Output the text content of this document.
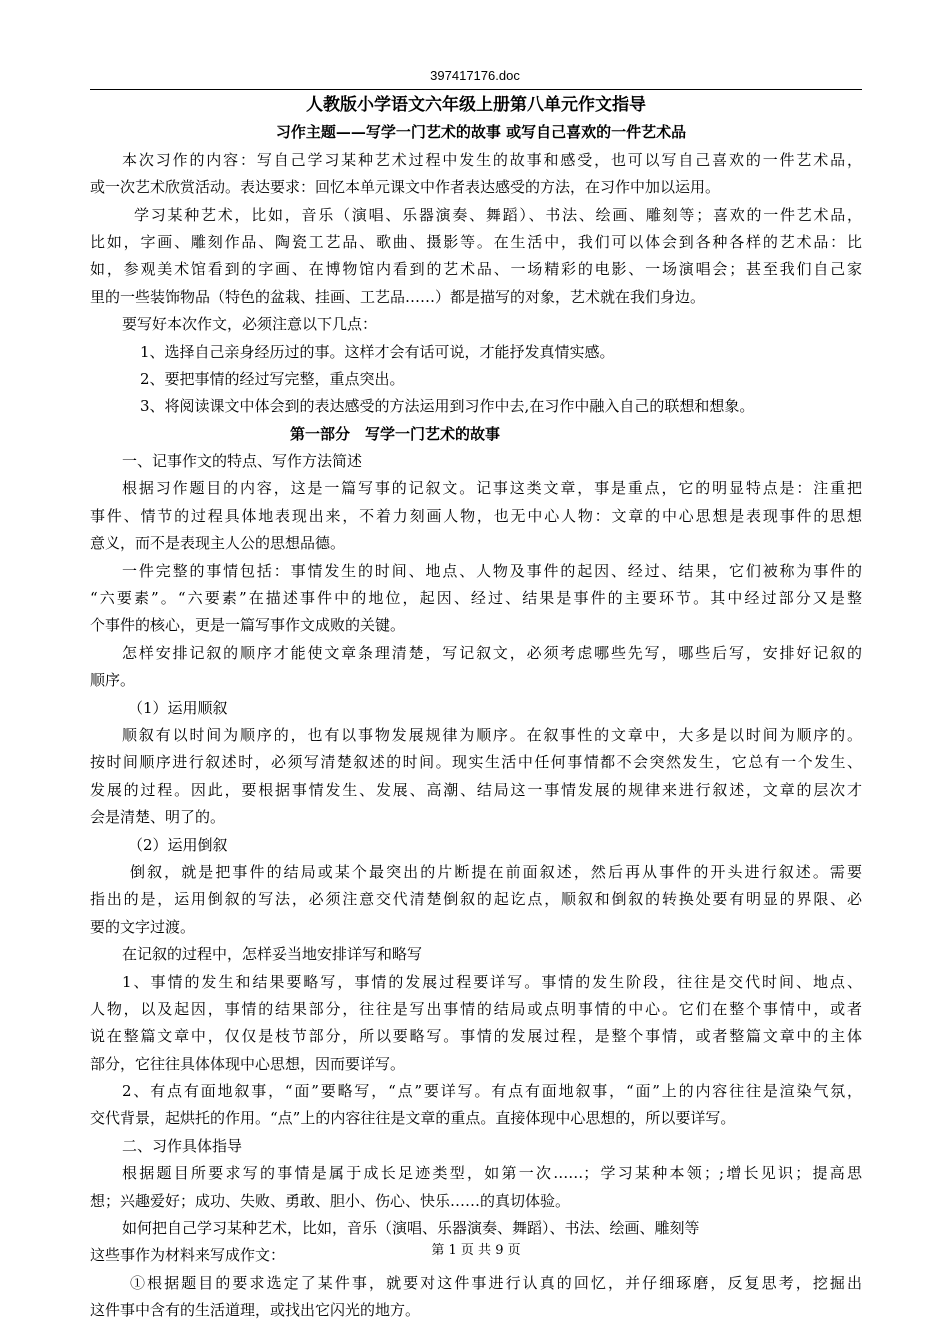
397417176.doc
人教版小学语文六年级上册第八单元作文指导
习作主题——写学一门艺术的故事 或写自己喜欢的一件艺术品
本次习作的内容：写自己学习某种艺术过程中发生的故事和感受，也可以写自己喜欢的一件艺术品，
或一次艺术欣赏活动。表达要求：回忆本单元课文中作者表达感受的方法，在习作中加以运用。
学习某种艺术，比如，音乐（演唱、乐器演奏、舞蹈）、书法、绘画、雕刻等；喜欢的一件艺术品，
比如，字画、雕刻作品、陶瓷工艺品、歌曲、摄影等。在生活中，我们可以体会到各种各样的艺术品：比
如，参观美术馆看到的字画、在博物馆内看到的艺术品、一场精彩的电影、一场演唱会；甚至我们自己家
里的一些装饰物品（特色的盆栽、挂画、工艺品……）都是描写的对象，艺术就在我们身边。
要写好本次作文，必须注意以下几点：
1、选择自己亲身经历过的事。这样才会有话可说，才能抒发真情实感。
2、要把事情的经过写完整，重点突出。
3、将阅读课文中体会到的表达感受的方法运用到习作中去,在习作中融入自己的联想和想象。
第一部分　写学一门艺术的故事
一、记事作文的特点、写作方法简述
根据习作题目的内容，这是一篇写事的记叙文。记事这类文章，事是重点，它的明显特点是：注重把
事件、情节的过程具体地表现出来，不着力刻画人物，也无中心人物：文章的中心思想是表现事件的思想
意义，而不是表现主人公的思想品德。
一件完整的事情包括：事情发生的时间、地点、人物及事件的起因、经过、结果，它们被称为事件的
“六要素”。“六要素”在描述事件中的地位，起因、经过、结果是事件的主要环节。其中经过部分又是整
个事件的核心，更是一篇写事作文成败的关键。
怎样安排记叙的顺序才能使文章条理清楚，写记叙文，必须考虑哪些先写，哪些后写，安排好记叙的
顺序。
（1）运用顺叙
顺叙有以时间为顺序的，也有以事物发展规律为顺序。在叙事性的文章中，大多是以时间为顺序的。
按时间顺序进行叙述时，必须写清楚叙述的时间。现实生活中任何事情都不会突然发生，它总有一个发生、
发展的过程。因此，要根据事情发生、发展、高潮、结局这一事情发展的规律来进行叙述，文章的层次才
会是清楚、明了的。
（2）运用倒叙
倒叙，就是把事件的结局或某个最突出的片断提在前面叙述，然后再从事件的开头进行叙述。需要
指出的是，运用倒叙的写法，必须注意交代清楚倒叙的起讫点，顺叙和倒叙的转换处要有明显的界限、必
要的文字过渡。
在记叙的过程中，怎样妥当地安排详写和略写
1、事情的发生和结果要略写，事情的发展过程要详写。事情的发生阶段，往往是交代时间、地点、
人物，以及起因，事情的结果部分，往往是写出事情的结局或点明事情的中心。它们在整个事情中，或者
说在整篇文章中，仅仅是枝节部分，所以要略写。事情的发展过程，是整个事情，或者整篇文章中的主体
部分，它往往具体体现中心思想，因而要详写。
2、有点有面地叙事，“面”要略写，“点”要详写。有点有面地叙事，“面”上的内容往往是渲染气氛，
交代背景，起烘托的作用。“点”上的内容往往是文章的重点。直接体现中心思想的，所以要详写。
二、习作具体指导
根据题目所要求写的事情是属于成长足迹类型，如第一次……；学习某种本领；;增长见识；提高思
想；兴趣爱好；成功、失败、勇敢、胆小、伤心、快乐……的真切体验。
如何把自己学习某种艺术，比如，音乐（演唱、乐器演奏、舞蹈）、书法、绘画、雕刻等
这些事作为材料来写成作文：
①根据题目的要求选定了某件事，就要对这件事进行认真的回忆，并仔细琢磨，反复思考，挖掘出
这件事中含有的生活道理，或找出它闪光的地方。
第 1 页 共 9 页
